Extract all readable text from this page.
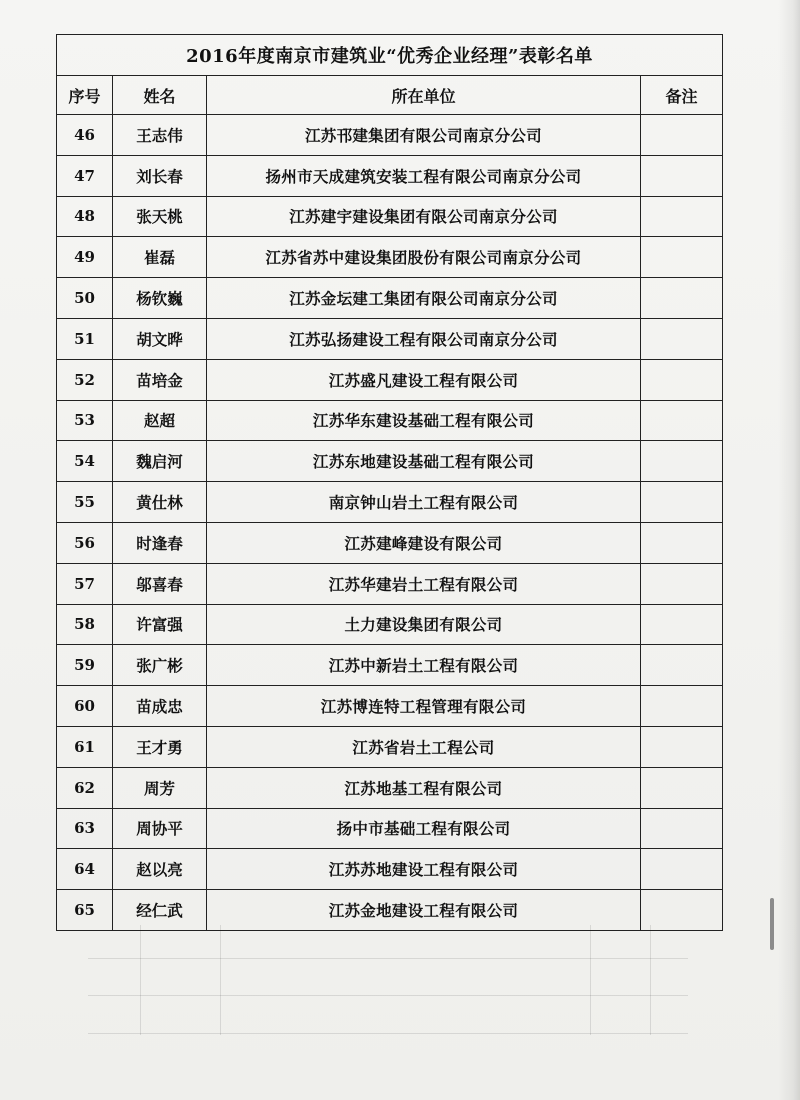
2016年度南京市建筑业“优秀企业经理”表彰名单			
序号	姓名	所在单位	备注
46	王志伟	江苏邗建集团有限公司南京分公司	
47	刘长春	扬州市天成建筑安装工程有限公司南京分公司	
48	张天桃	江苏建宇建设集团有限公司南京分公司	
49	崔磊	江苏省苏中建设集团股份有限公司南京分公司	
50	杨钦巍	江苏金坛建工集团有限公司南京分公司	
51	胡文晔	江苏弘扬建设工程有限公司南京分公司	
52	苗培金	江苏盛凡建设工程有限公司	
53	赵超	江苏华东建设基础工程有限公司	
54	魏启河	江苏东地建设基础工程有限公司	
55	黄仕林	南京钟山岩土工程有限公司	
56	时逢春	江苏建峰建设有限公司	
57	邬喜春	江苏华建岩土工程有限公司	
58	许富强	土力建设集团有限公司	
59	张广彬	江苏中新岩土工程有限公司	
60	苗成忠	江苏博连特工程管理有限公司	
61	王才勇	江苏省岩土工程公司	
62	周芳	江苏地基工程有限公司	
63	周协平	扬中市基础工程有限公司	
64	赵以亮	江苏苏地建设工程有限公司	
65	经仁武	江苏金地建设工程有限公司	
